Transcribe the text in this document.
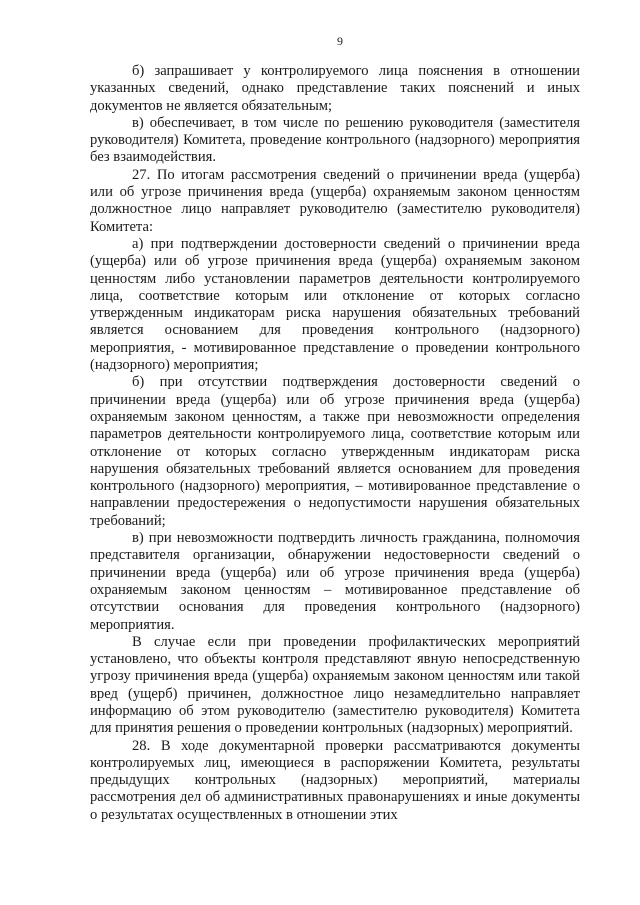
9

б) запрашивает у контролируемого лица пояснения в отношении указанных сведений, однако представление таких пояснений и иных документов не является обязательным;

в) обеспечивает, в том числе по решению руководителя (заместителя руководителя) Комитета, проведение контрольного (надзорного) мероприятия без взаимодействия.

27. По итогам рассмотрения сведений о причинении вреда (ущерба) или об угрозе причинения вреда (ущерба) охраняемым законом ценностям должностное лицо направляет руководителю (заместителю руководителя) Комитета:

а) при подтверждении достоверности сведений о причинении вреда (ущерба) или об угрозе причинения вреда (ущерба) охраняемым законом ценностям либо установлении параметров деятельности контролируемого лица, соответствие которым или отклонение от которых согласно утвержденным индикаторам риска нарушения обязательных требований является основанием для проведения контрольного (надзорного) мероприятия, - мотивированное представление о проведении контрольного (надзорного) мероприятия;

б) при отсутствии подтверждения достоверности сведений о причинении вреда (ущерба) или об угрозе причинения вреда (ущерба) охраняемым законом ценностям, а также при невозможности определения параметров деятельности контролируемого лица, соответствие которым или отклонение от которых согласно утвержденным индикаторам риска нарушения обязательных требований является основанием для проведения контрольного (надзорного) мероприятия, – мотивированное представление о направлении предостережения о недопустимости нарушения обязательных требований;

в) при невозможности подтвердить личность гражданина, полномочия представителя организации, обнаружении недостоверности сведений о причинении вреда (ущерба) или об угрозе причинения вреда (ущерба) охраняемым законом ценностям – мотивированное представление об отсутствии основания для проведения контрольного (надзорного) мероприятия.

В случае если при проведении профилактических мероприятий установлено, что объекты контроля представляют явную непосредственную угрозу причинения вреда (ущерба) охраняемым законом ценностям или такой вред (ущерб) причинен, должностное лицо незамедлительно направляет информацию об этом руководителю (заместителю руководителя) Комитета для принятия решения о проведении контрольных (надзорных) мероприятий.

28. В ходе документарной проверки рассматриваются документы контролируемых лиц, имеющиеся в распоряжении Комитета, результаты предыдущих контрольных (надзорных) мероприятий, материалы рассмотрения дел об административных правонарушениях и иные документы о результатах осуществленных в отношении этих
